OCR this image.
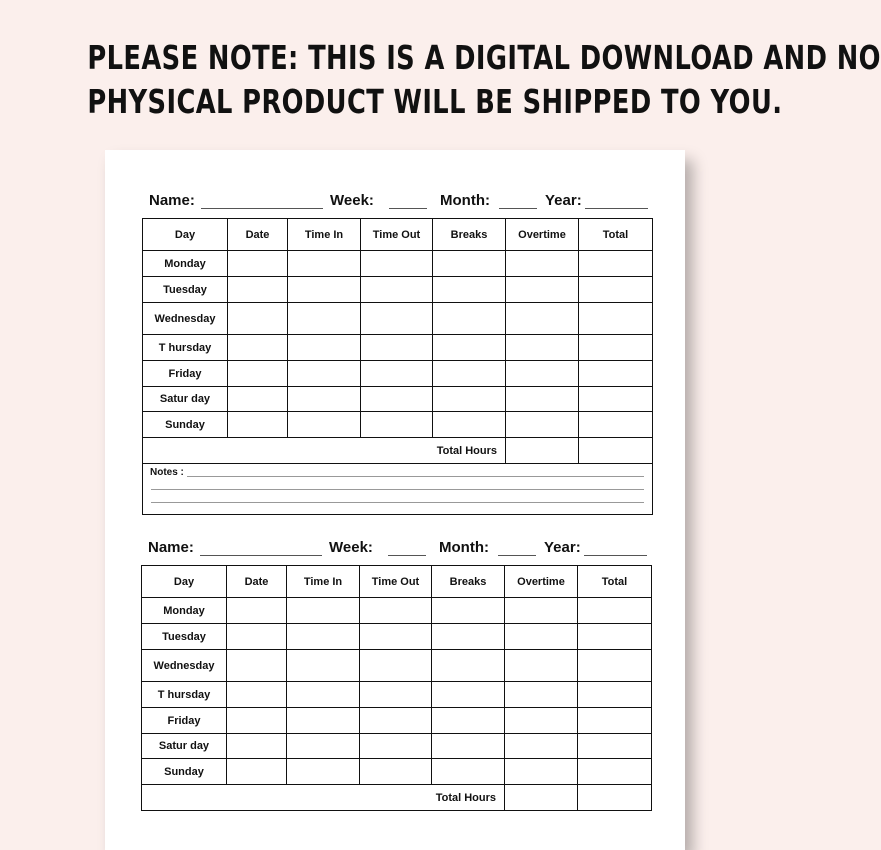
PLEASE NOTE: THIS IS A DIGITAL DOWNLOAD AND NO
PHYSICAL PRODUCT WILL BE SHIPPED TO YOU.
Name:	Week:	Month:	Year:
Day	Date	Time In	Time Out	Breaks	Overtime	Total
Monday						
Tuesday						
Wednesday						
T hursday						
Friday						
Satur day						
Sunday						
Total Hours						

Notes :						
Name:	Week:	Month:	Year:
Day	Date	Time In	Time Out	Breaks	Overtime	Total
Monday						
Tuesday						
Wednesday						
T hursday						
Friday						
Satur day						
Sunday						
Total Hours						
